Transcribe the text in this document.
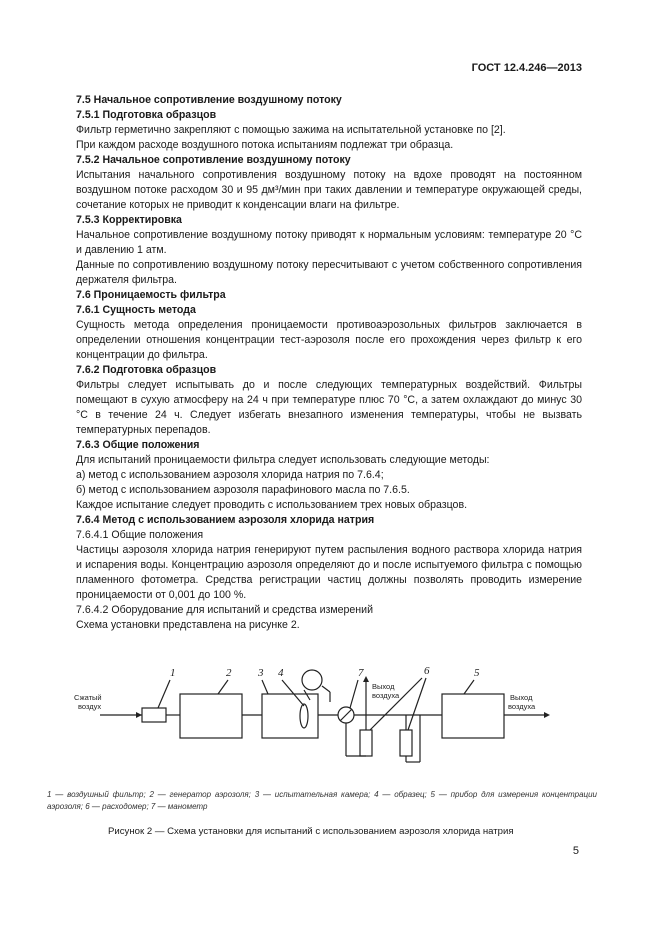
ГОСТ 12.4.246—2013

7.5 Начальное сопротивление воздушному потоку

7.5.1 Подготовка образцов

Фильтр герметично закрепляют с помощью зажима на испытательной установке по [2].

При каждом расходе воздушного потока испытаниям подлежат три образца.

7.5.2 Начальное сопротивление воздушному потоку

Испытания начального сопротивления воздушному потоку на вдохе проводят на постоянном воздушном потоке расходом 30 и 95 дм³/мин при таких давлении и температуре окружающей среды, сочетание которых не приводит к конденсации влаги на фильтре.

7.5.3 Корректировка

Начальное сопротивление воздушному потоку приводят к нормальным условиям: температуре 20 °С и давлению 1 атм.

Данные по сопротивлению воздушному потоку пересчитывают с учетом собственного сопротивления держателя фильтра.

7.6 Проницаемость фильтра

7.6.1 Сущность метода

Сущность метода определения проницаемости противоаэрозольных фильтров заключается в определении отношения концентрации тест-аэрозоля после его прохождения через фильтр к его концентрации до фильтра.

7.6.2 Подготовка образцов

Фильтры следует испытывать до и после следующих температурных воздействий. Фильтры помещают в сухую атмосферу на 24 ч при температуре плюс 70 °С, а затем охлаждают до минус 30 °С в течение 24 ч. Следует избегать внезапного изменения температуры, чтобы не вызвать температурных перепадов.

7.6.3 Общие положения

Для испытаний проницаемости фильтра следует использовать следующие методы:

а) метод с использованием аэрозоля хлорида натрия по 7.6.4;

б) метод с использованием аэрозоля парафинового масла по 7.6.5.

Каждое испытание следует проводить с использованием трех новых образцов.

7.6.4 Метод с использованием аэрозоля хлорида натрия

7.6.4.1 Общие положения

Частицы аэрозоля хлорида натрия генерируют путем распыления водного раствора хлорида натрия и испарения воды. Концентрацию аэрозоля определяют до и после испытуемого фильтра с помощью пламенного фотометра. Средства регистрации частиц должны позволять проводить измерение проницаемости от 0,001 до 100 %.

7.6.4.2 Оборудование для испытаний и средства измерений

Схема установки представлена на рисунке 2.

Сжатый
воздух
Выход
воздуха	Выход
воздуха
1	2 3 4	5
6
7
1 — воздушный фильтр; 2 — генератор аэрозоля; 3 — испытательная камера; 4 — образец; 5 — прибор для измерения концентрации аэрозоля; 6 — расходомер; 7 — манометр
Рисунок 2 — Схема установки для испытаний с использованием аэрозоля хлорида натрия
5
